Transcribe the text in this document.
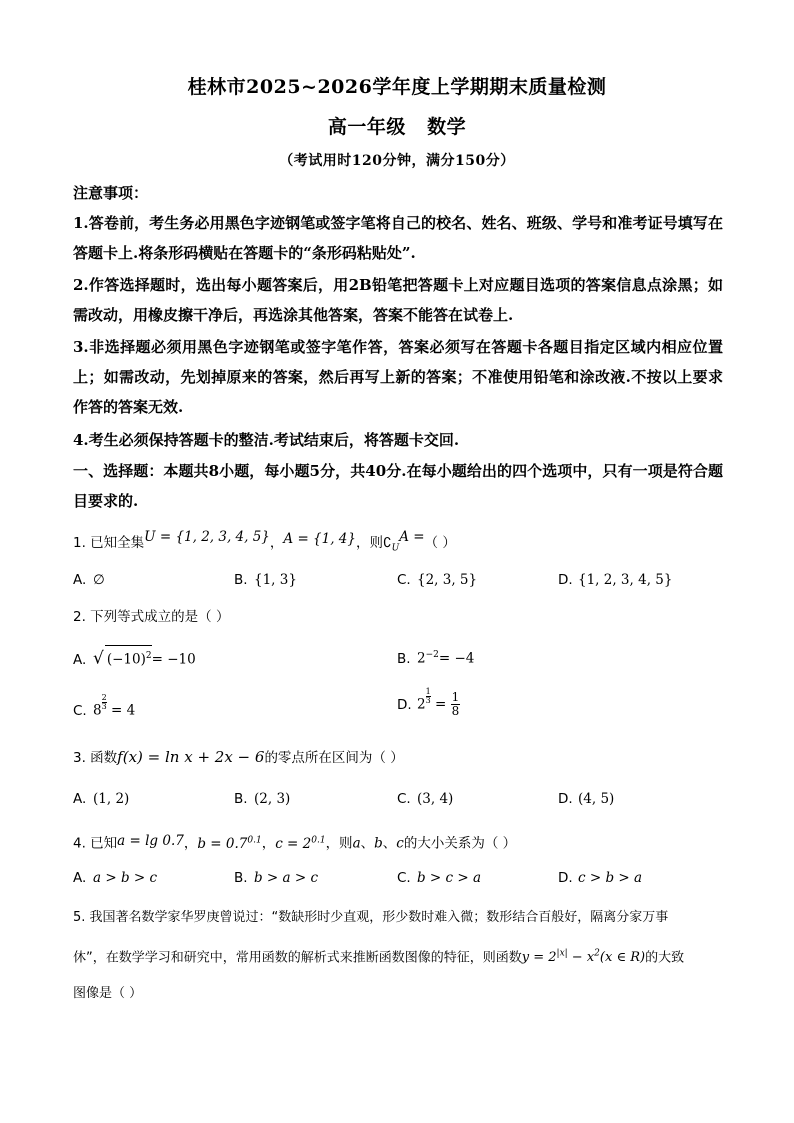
桂林市2025~2026学年度上学期期末质量检测
高一年级   数学
（考试用时120分钟，满分150分）

注意事项：

1.答卷前，考生务必用黑色字迹钢笔或签字笔将自己的校名、姓名、班级、学号和准考证号填写在答题卡上.将条形码横贴在答题卡的“条形码粘贴处”.

2.作答选择题时，选出每小题答案后，用2B铅笔把答题卡上对应题目选项的答案信息点涂黑；如需改动，用橡皮擦干净后，再选涂其他答案，答案不能答在试卷上.

3.非选择题必须用黑色字迹钢笔或签字笔作答，答案必须写在答题卡各题目指定区域内相应位置上；如需改动，先划掉原来的答案，然后再写上新的答案；不准使用铅笔和涂改液.不按以上要求作答的答案无效.

4.考生必须保持答题卡的整洁.考试结束后，将答题卡交回.

一、选择题：本题共8小题，每小题5分，共40分.在每小题给出的四个选项中，只有一项是符合题目要求的.

1. 已知全集U = {1, 2, 3, 4, 5}，A = {1, 4}，则$∁_UA$ =（ ）
A. ∅	B. {1, 3}	C. {2, 3, 5}	D. {1, 2, 3, 4, 5}
2. 下列等式成立的是（ ）
A. √ $(-10)^2= -10$	B. $2^{-2}= -4$
C. $8 \frac{2}{3} = 4$	D. $2 \frac{1}{3} = \frac{1}{8}$
3. 函数f(x) = ln x + 2x − 6的零点所在区间为（ ）
A. (1, 2)	B. (2, 3)	C. (3, 4)	D. (4, 5)
4. 已知a = lg 0.7，$b = 0.7^{0.1}$，$c = 2^{0.1}$，则a、b、c的大小关系为（ ）
A. a > b > c	B. b > a > c	C. b > c > a	D. c > b > a
5. 我国著名数学家华罗庚曾说过：“数缺形时少直观，形少数时难入微；数形结合百般好，隔离分家万事
休”，在数学学习和研究中，常用函数的解析式来推断函数图像的特征，则函数$y = 2^{|x|} - x^2(x$ ∈ R)的大致
图像是（ ）
